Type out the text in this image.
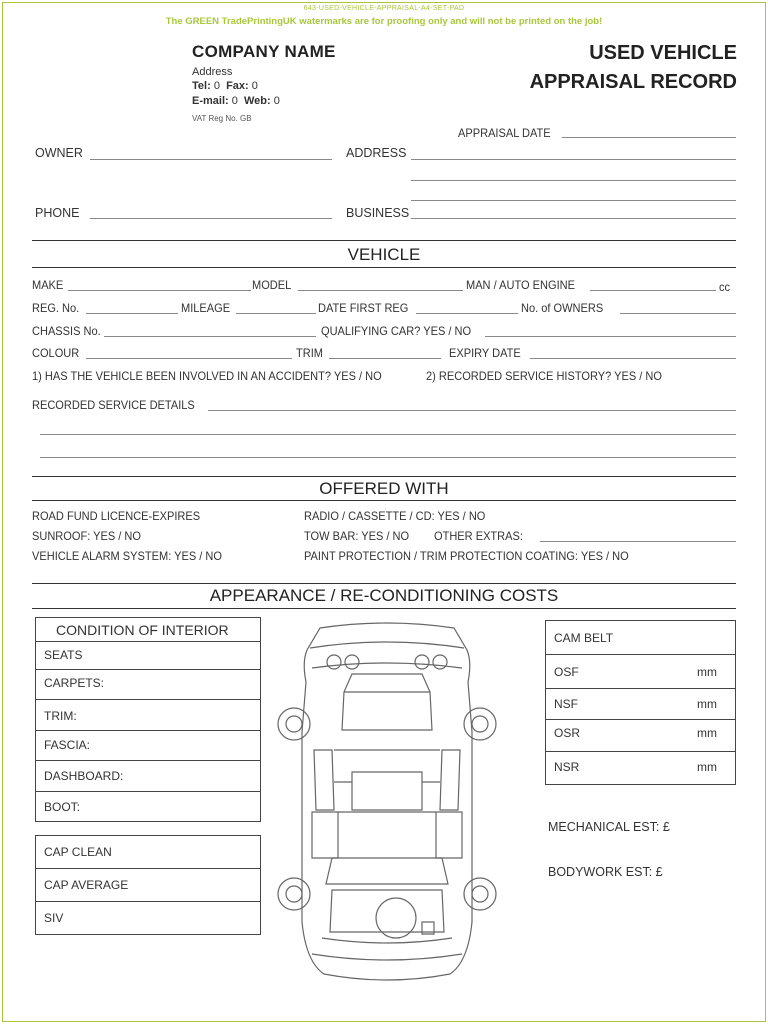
643-USED-VEHICLE-APPRAISAL-A4-SET-PAD
The GREEN TradePrintingUK watermarks are for proofing only and will not be printed on the job!
COMPANY NAME
Address
Tel: 0 Fax: 0
E-mail: 0 Web: 0
VAT Reg No. GB
USED VEHICLE
APPRAISAL RECORD
APPRAISAL DATE
OWNER	ADDRESS
PHONE	BUSINESS
VEHICLE
MAKE	MODEL	MAN / AUTO ENGINE	cc
REG. No.	MILEAGE	DATE FIRST REG	No. of OWNERS
CHASSIS No.	QUALIFYING CAR? YES / NO
COLOUR	TRIM	EXPIRY DATE
1) HAS THE VEHICLE BEEN INVOLVED IN AN ACCIDENT? YES / NO	2) RECORDED SERVICE HISTORY? YES / NO
RECORDED SERVICE DETAILS
OFFERED WITH
ROAD FUND LICENCE-EXPIRES	RADIO / CASSETTE / CD: YES / NO
SUNROOF: YES / NO	TOW BAR: YES / NO OTHER EXTRAS:
VEHICLE ALARM SYSTEM: YES / NO	PAINT PROTECTION / TRIM PROTECTION COATING: YES / NO
APPEARANCE / RE-CONDITIONING COSTS
CONDITION OF INTERIOR
SEATS
CARPETS:
TRIM:
FASCIA:
DASHBOARD:
BOOT:
CAP CLEAN
CAP AVERAGE
SIV
CAM BELT
OSF	mm
NSF	mm
OSR	mm
NSR	mm
MECHANICAL EST: £
BODYWORK EST: £
